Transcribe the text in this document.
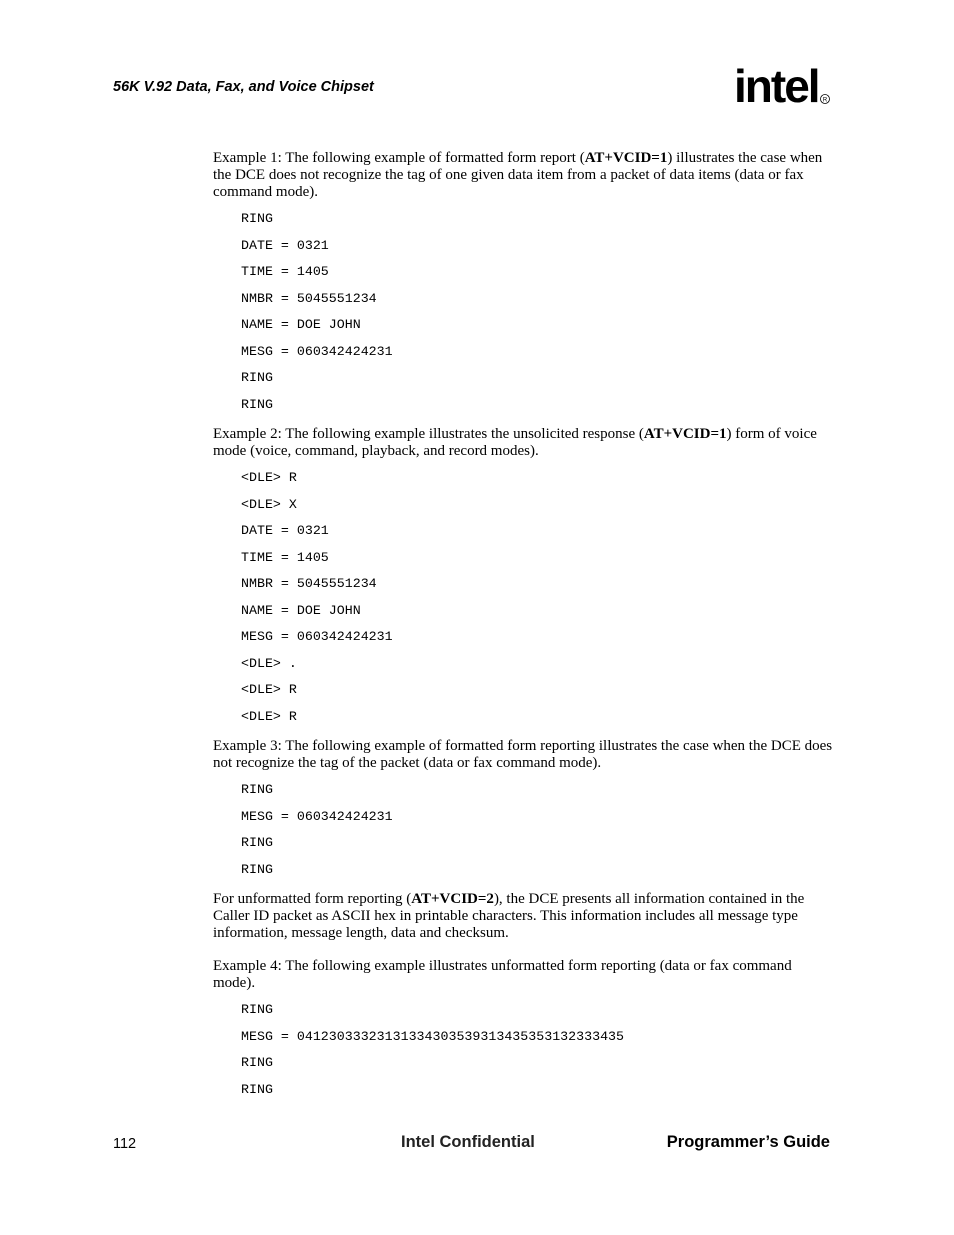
56K V.92 Data, Fax, and Voice Chipset	intel R

Example 1: The following example of formatted form report (AT+VCID=1) illustrates the case when the DCE does not recognize the tag of one given data item from a packet of data items (data or fax command mode).

RING
DATE = 0321
TIME = 1405
NMBR = 5045551234
NAME = DOE JOHN
MESG = 060342424231
RING
RING

Example 2: The following example illustrates the unsolicited response (AT+VCID=1) form of voice mode (voice, command, playback, and record modes).

<DLE> R
<DLE> X
DATE = 0321
TIME = 1405
NMBR = 5045551234
NAME = DOE JOHN
MESG = 060342424231
<DLE> .
<DLE> R
<DLE> R

Example 3: The following example of formatted form reporting illustrates the case when the DCE does not recognize the tag of the packet (data or fax command mode).

RING
MESG = 060342424231
RING
RING

For unformatted form reporting (AT+VCID=2), the DCE presents all information contained in the Caller ID packet as ASCII hex in printable characters. This information includes all message type information, message length, data and checksum.

Example 4: The following example illustrates unformatted form reporting (data or fax command mode).

RING
MESG = 04123033323131334303539313435353132333435
RING
RING
112	Intel Confidential	Programmer’s Guide
